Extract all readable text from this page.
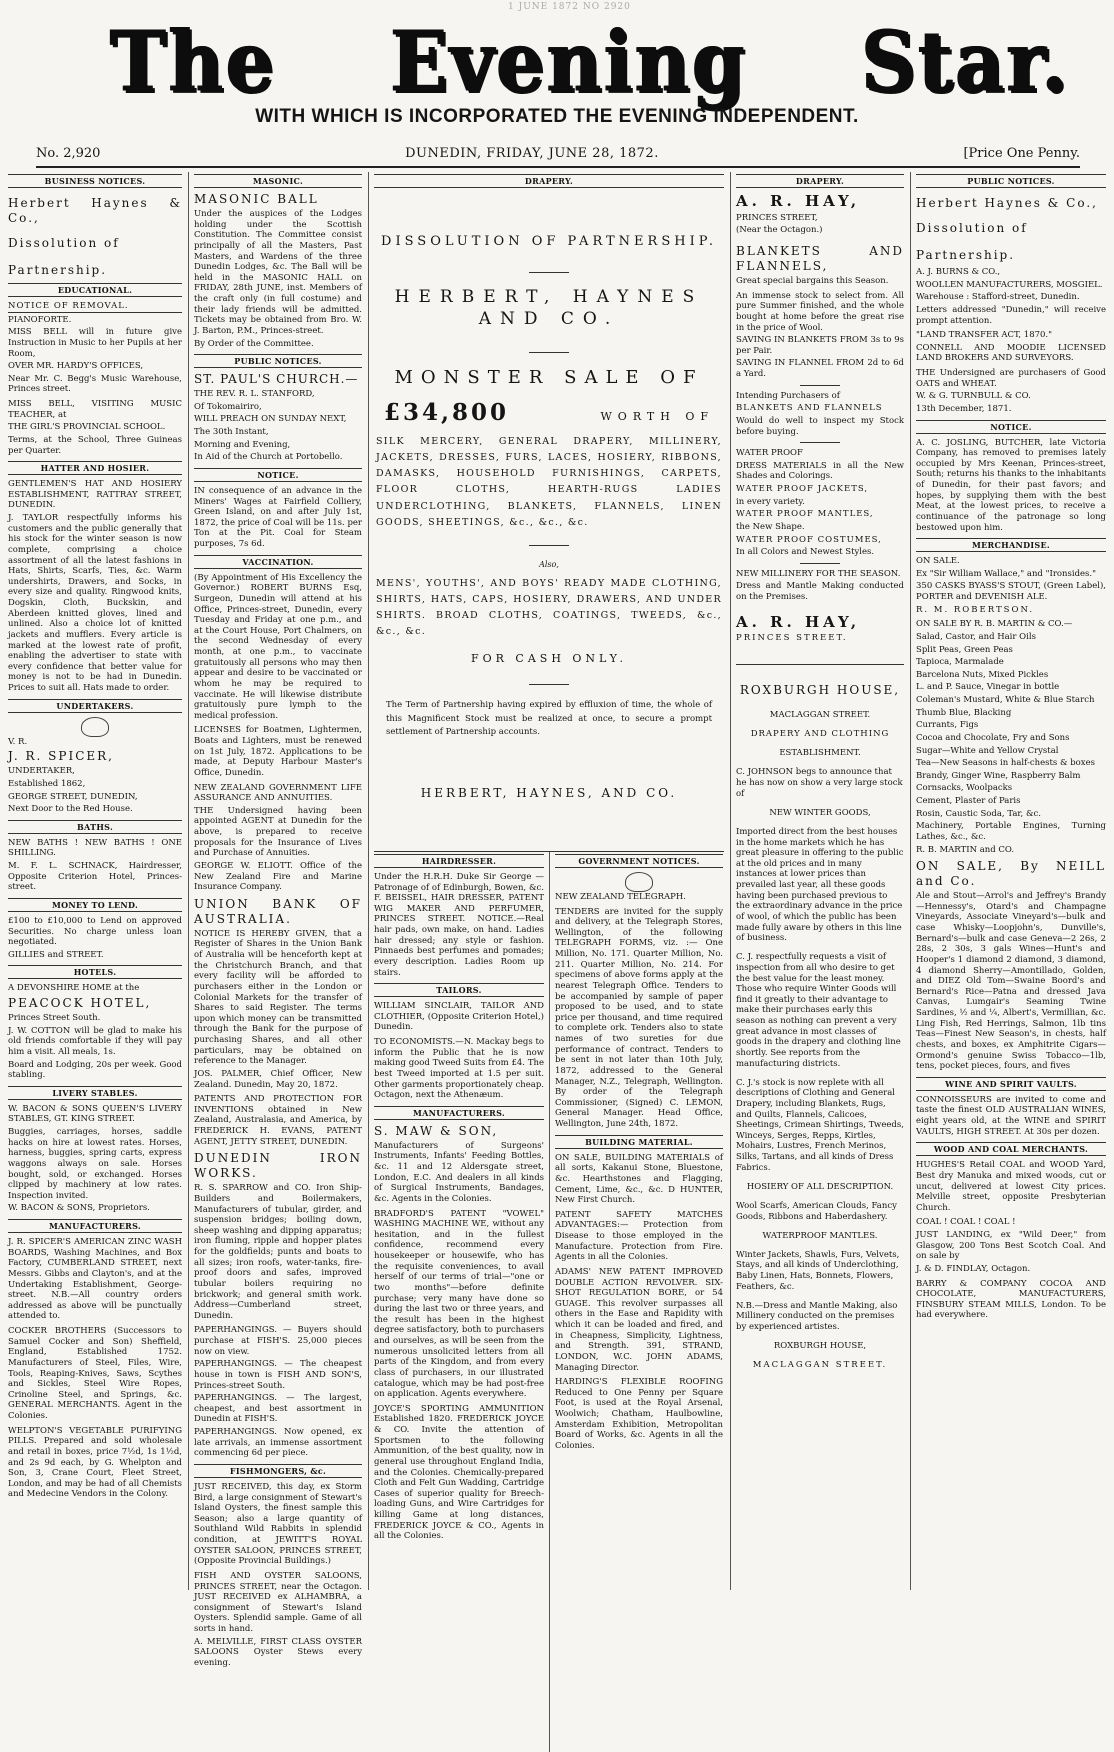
1 JUNE 1872 NO 2920
The Evening Star.
WITH WHICH IS INCORPORATED THE EVENING INDEPENDENT.
No. 2,920	DUNEDIN, FRIDAY, JUNE 28, 1872.	[Price One Penny.
BUSINESS NOTICES.

Herbert Haynes & Co.,

Dissolution of

Partnership.

EDUCATIONAL.

NOTICE OF REMOVAL.

PIANOFORTE.

MISS BELL will in future give Instruction in Music to her Pupils at her Room,

OVER MR. HARDY'S OFFICES,

Near Mr. C. Begg's Music Warehouse, Princes street.

MISS BELL, VISITING MUSIC TEACHER, at

THE GIRL'S PROVINCIAL SCHOOL.

Terms, at the School, Three Guineas per Quarter.

HATTER AND HOSIER.

GENTLEMEN'S HAT AND HOSIERY ESTABLISHMENT, RATTRAY STREET, DUNEDIN.

J. TAYLOR respectfully informs his customers and the public generally that his stock for the winter season is now complete, comprising a choice assortment of all the latest fashions in Hats, Shirts, Scarfs, Ties, &c. Warm undershirts, Drawers, and Socks, in every size and quality. Ringwood knits, Dogskin, Cloth, Buckskin, and Aberdeen knitted gloves, lined and unlined. Also a choice lot of knitted jackets and mufflers. Every article is marked at the lowest rate of profit, enabling the advertiser to state with every confidence that better value for money is not to be had in Dunedin. Prices to suit all. Hats made to order.

UNDERTAKERS.

V. R.

J. R. SPICER,

UNDERTAKER,

Established 1862,

GEORGE STREET, DUNEDIN,

Next Door to the Red House.

BATHS.

NEW BATHS ! NEW BATHS ! ONE SHILLING.

M. F. L. SCHNACK, Hairdresser, Opposite Criterion Hotel, Princes-street.

MONEY TO LEND.

£100 to £10,000 to Lend on approved Securities. No charge unless loan negotiated.

GILLIES and STREET.

HOTELS.

A DEVONSHIRE HOME at the

PEACOCK HOTEL,

Princes Street South.

J. W. COTTON will be glad to make his old friends comfortable if they will pay him a visit. All meals, 1s.

Board and Lodging, 20s per week. Good stabling.

LIVERY STABLES.

W. BACON & SONS QUEEN'S LIVERY STABLES, GT. KING STREET.

Buggies, carriages, horses, saddle hacks on hire at lowest rates. Horses, harness, buggies, spring carts, express waggons always on sale. Horses bought, sold, or exchanged. Horses clipped by machinery at low rates. Inspection invited.

W. BACON & SONS, Proprietors.

MANUFACTURERS.

J. R. SPICER'S AMERICAN ZINC WASH BOARDS, Washing Machines, and Box Factory, CUMBERLAND STREET, next Messrs. Gibbs and Clayton's, and at the Undertaking Establishment, George-street. N.B.—All country orders addressed as above will be punctually attended to.

COCKER BROTHERS (Successors to Samuel Cocker and Son) Sheffield, England, Established 1752. Manufacturers of Steel, Files, Wire, Tools, Reaping-Knives, Saws, Scythes and Sickles, Steel Wire Ropes, Crinoline Steel, and Springs, &c. GENERAL MERCHANTS. Agent in the Colonies.

WELPTON'S VEGETABLE PURIFYING PILLS. Prepared and sold wholesale and retail in boxes, price 7½d, 1s 1½d, and 2s 9d each, by G. Whelpton and Son, 3, Crane Court, Fleet Street, London, and may be had of all Chemists and Medecine Vendors in the Colony.

MASONIC.

MASONIC BALL

Under the auspices of the Lodges holding under the Scottish Constitution. The Committee consist principally of all the Masters, Past Masters, and Wardens of the three Dunedin Lodges, &c. The Ball will be held in the MASONIC HALL on FRIDAY, 28th JUNE, inst. Members of the craft only (in full costume) and their lady friends will be admitted. Tickets may be obtained from Bro. W. J. Barton, P.M., Princes-street.

By Order of the Committee.

PUBLIC NOTICES.

ST. PAUL'S CHURCH.—

THE REV. R. L. STANFORD,

Of Tokomairiro,

WILL PREACH ON SUNDAY NEXT,

The 30th Instant,

Morning and Evening,

In Aid of the Church at Portobello.

NOTICE.

IN consequence of an advance in the Miners' Wages at Fairfield Colliery, Green Island, on and after July 1st, 1872, the price of Coal will be 11s. per Ton at the Pit. Coal for Steam purposes, 7s 6d.

VACCINATION.

(By Appointment of His Excellency the Governor.) ROBERT BURNS Esq, Surgeon, Dunedin will attend at his Office, Princes-street, Dunedin, every Tuesday and Friday at one p.m., and at the Court House, Port Chalmers, on the second Wednesday of every month, at one p.m., to vaccinate gratuitously all persons who may then appear and desire to be vaccinated or whom he may be required to vaccinate. He will likewise distribute gratuitously pure lymph to the medical profession.

LICENSES for Boatmen, Lightermen, Boats and Lighters, must be renewed on 1st July, 1872. Applications to be made, at Deputy Harbour Master's Office, Dunedin.

NEW ZEALAND GOVERNMENT LIFE ASSURANCE AND ANNUITIES.

THE Undersigned having been appointed AGENT at Dunedin for the above, is prepared to receive proposals for the Insurance of Lives and Purchase of Annuities.

GEORGE W. ELIOTT. Office of the New Zealand Fire and Marine Insurance Company.

UNION BANK OF AUSTRALIA.

NOTICE IS HEREBY GIVEN, that a Register of Shares in the Union Bank of Australia will be henceforth kept at the Christchurch Branch, and that every facility will be afforded to purchasers either in the London or Colonial Markets for the transfer of Shares to said Register. The terms upon which money can be transmitted through the Bank for the purpose of purchasing Shares, and all other particulars, may be obtained on reference to the Manager.

JOS. PALMER, Chief Officer, New Zealand. Dunedin, May 20, 1872.

PATENTS AND PROTECTION FOR INVENTIONS obtained in New Zealand, Australasia, and America, by FREDERICK H. EVANS, PATENT AGENT, JETTY STREET, DUNEDIN.

DUNEDIN IRON WORKS.

R. S. SPARROW and CO. Iron Ship-Builders and Boilermakers, Manufacturers of tubular, girder, and suspension bridges; boiling down, sheep washing and dipping apparatus; iron fluming, ripple and hopper plates for the goldfields; punts and boats to all sizes; iron roofs, water-tanks, fire-proof doors and safes, improved tubular boilers requiring no brickwork; and general smith work. Address—Cumberland street, Dunedin.

PAPERHANGINGS. — Buyers should purchase at FISH'S. 25,000 pieces now on view.

PAPERHANGINGS. — The cheapest house in town is FISH AND SON'S, Princes-street South.

PAPERHANGINGS. — The largest, cheapest, and best assortment in Dunedin at FISH'S.

PAPERHANGINGS. Now opened, ex late arrivals, an immense assortment commencing 6d per piece.

FISHMONGERS, &c.

JUST RECEIVED, this day, ex Storm Bird, a large consignment of Stewart's Island Oysters, the finest sample this Season; also a large quantity of Southland Wild Rabbits in splendid condition, at JEWITT'S ROYAL OYSTER SALOON, PRINCES STREET, (Opposite Provincial Buildings.)

FISH AND OYSTER SALOONS, PRINCES STREET, near the Octagon. JUST RECEIVED ex ALHAMBRA, a consignment of Stewart's Island Oysters. Splendid sample. Game of all sorts in hand.

A. MELVILLE, FIRST CLASS OYSTER SALOONS Oyster Stews every evening.

DRAPERY.
DISSOLUTION OF PARTNERSHIP.
HERBERT, HAYNES AND CO.
MONSTER SALE OF
£34,800	WORTH OF
SILK MERCERY, GENERAL DRAPERY, MILLINERY, JACKETS, DRESSES, FURS, LACES, HOSIERY, RIBBONS, DAMASKS, HOUSEHOLD FURNISHINGS, CARPETS, FLOOR CLOTHS, HEARTH-RUGS LADIES UNDERCLOTHING, BLANKETS, FLANNELS, LINEN GOODS, SHEETINGS, &c., &c., &c.
Also,
MENS', YOUTHS', AND BOYS' READY MADE CLOTHING, SHIRTS, HATS, CAPS, HOSIERY, DRAWERS, AND UNDER SHIRTS. BROAD CLOTHS, COATINGS, TWEEDS, &c., &c., &c.
FOR CASH ONLY.
The Term of Partnership having expired by effluxion of time, the whole of this Magnificent Stock must be realized at once, to secure a prompt settlement of Partnership accounts.
HERBERT, HAYNES, AND CO.
HAIRDRESSER.

Under the H.R.H. Duke Sir George — Patronage of of Edinburgh, Bowen, &c. F. BEISSEL, HAIR DRESSER, PATENT WIG MAKER AND PERFUMER, PRINCES STREET. NOTICE.—Real hair pads, own make, on hand. Ladies hair dressed; any style or fashion. Pinnaeds best perfumes and pomades; every description. Ladies Room up stairs.

TAILORS.

WILLIAM SINCLAIR, TAILOR AND CLOTHIER, (Opposite Criterion Hotel,) Dunedin.

TO ECONOMISTS.—N. Mackay begs to inform the Public that he is now making good Tweed Suits from £4. The best Tweed imported at 1.5 per suit. Other garments proportionately cheap. Octagon, next the Athenæum.

MANUFACTURERS.

S. MAW & SON,

Manufacturers of Surgeons' Instruments, Infants' Feeding Bottles, &c. 11 and 12 Aldersgate street, London, E.C. And dealers in all kinds of Surgical Instruments, Bandages, &c. Agents in the Colonies.

BRADFORD'S PATENT "VOWEL" WASHING MACHINE WE, without any hesitation, and in the fullest confidence, recommend every housekeeper or housewife, who has the requisite conveniences, to avail herself of our terms of trial—"one or two months"—before definite purchase; very many have done so during the last two or three years, and the result has been in the highest degree satisfactory, both to purchasers and ourselves, as will be seen from the numerous unsolicited letters from all parts of the Kingdom, and from every class of purchasers, in our illustrated catalogue, which may be had post-free on application. Agents everywhere.

JOYCE'S SPORTING AMMUNITION Established 1820. FREDERICK JOYCE & CO. Invite the attention of Sportsmen to the following Ammunition, of the best quality, now in general use throughout England India, and the Colonies. Chemically-prepared Cloth and Felt Gun Wadding, Cartridge Cases of superior quality for Breech-loading Guns, and Wire Cartridges for killing Game at long distances, FREDERICK JOYCE & CO., Agents in all the Colonies.

GOVERNMENT NOTICES.

NEW ZEALAND TELEGRAPH.

TENDERS are invited for the supply and delivery, at the Telegraph Stores, Wellington, of the following TELEGRAPH FORMS, viz. :— One Million, No. 171. Quarter Million, No. 211. Quarter Million, No. 214. For specimens of above forms apply at the nearest Telegraph Office. Tenders to be accompanied by sample of paper proposed to be used, and to state price per thousand, and time required to complete ork. Tenders also to state names of two sureties for due performance of contract. Tenders to be sent in not later than 10th July, 1872, addressed to the General Manager, N.Z., Telegraph, Wellington. By order of the Telegraph Commissioner, (Signed) C. LEMON, General Manager. Head Office, Wellington, June 24th, 1872.

BUILDING MATERIAL.

ON SALE, BUILDING MATERIALS of all sorts, Kakanui Stone, Bluestone, &c. Hearthstones and Flagging, Cement, Lime, &c., &c. D HUNTER, New First Church.

PATENT SAFETY MATCHES ADVANTAGES:— Protection from Disease to those employed in the Manufacture. Protection from Fire. Agents in all the Colonies.

ADAMS' NEW PATENT IMPROVED DOUBLE ACTION REVOLVER. SIX-SHOT REGULATION BORE, or 54 GUAGE. This revolver surpasses all others in the Ease and Rapidity with which it can be loaded and fired, and in Cheapness, Simplicity, Lightness, and Strength. 391, STRAND, LONDON, W.C. JOHN ADAMS, Managing Director.

HARDING'S FLEXIBLE ROOFING Reduced to One Penny per Square Foot, is used at the Royal Arsenal, Woolwich; Chatham, Haulbowline, Amsterdam Exhibition, Metropolitan Board of Works, &c. Agents in all the Colonies.

DRAPERY.

A. R. HAY,

PRINCES STREET,

(Near the Octagon.)

BLANKETS AND FLANNELS,

Great special bargains this Season.

An immense stock to select from. All pure Summer finished, and the whole bought at home before the great rise in the price of Wool.

SAVING IN BLANKETS FROM 3s to 9s per Pair.

SAVING IN FLANNEL FROM 2d to 6d a Yard.

Intending Purchasers of

BLANKETS AND FLANNELS

Would do well to inspect my Stock before buying.

WATER PROOF

DRESS MATERIALS in all the New Shades and Colorings.

WATER PROOF JACKETS,

in every variety.

WATER PROOF MANTLES,

the New Shape.

WATER PROOF COSTUMES,

In all Colors and Newest Styles.

NEW MILLINERY FOR THE SEASON.

Dress and Mantle Making conducted on the Premises.

A. R. HAY,

PRINCES STREET.

ROXBURGH HOUSE,

MACLAGGAN STREET.

DRAPERY AND CLOTHING

ESTABLISHMENT.

C. JOHNSON begs to announce that he has now on show a very large stock of

NEW WINTER GOODS,

Imported direct from the best houses in the home markets which he has great pleasure in offering to the public at the old prices and in many instances at lower prices than prevailed last year, all these goods having been purchased previous to the extraordinary advance in the price of wool, of which the public has been made fully aware by others in this line of business.

C. J. respectfully requests a visit of inspection from all who desire to get the best value for the least money. Those who require Winter Goods will find it greatly to their advantage to make their purchases early this season as nothing can prevent a very great advance in most classes of goods in the drapery and clothing line shortly. See reports from the manufacturing districts.

C. J.'s stock is now replete with all descriptions of Clothing and General Drapery, including Blankets, Rugs, and Quilts, Flannels, Calicoes, Sheetings, Crimean Shirtings, Tweeds, Winceys, Serges, Repps, Kirtles, Mohairs, Lustres, French Merinos, Silks, Tartans, and all kinds of Dress Fabrics.

HOSIERY OF ALL DESCRIPTION.

Wool Scarfs, American Clouds, Fancy Goods, Ribbons and Haberdashery.

WATERPROOF MANTLES.

Winter Jackets, Shawls, Furs, Velvets, Stays, and all kinds of Underclothing, Baby Linen, Hats, Bonnets, Flowers, Feathers, &c.

N.B.—Dress and Mantle Making, also Millinery conducted on the premises by experienced artistes.

ROXBURGH HOUSE,

MACLAGGAN STREET.

PUBLIC NOTICES.

Herbert Haynes & Co.,

Dissolution of

Partnership.

A. J. BURNS & CO.,

WOOLLEN MANUFACTURERS, MOSGIEL.

Warehouse : Stafford-street, Dunedin.

Letters addressed "Dunedin," will receive prompt attention.

"LAND TRANSFER ACT, 1870."

CONNELL AND MOODIE LICENSED LAND BROKERS AND SURVEYORS.

THE Undersigned are purchasers of Good OATS and WHEAT.

W. & G. TURNBULL & CO.

13th December, 1871.

NOTICE.

A. C. JOSLING, BUTCHER, late Victoria Company, has removed to premises lately occupied by Mrs Keenan, Princes-street, South; returns his thanks to the inhabitants of Dunedin, for their past favors; and hopes, by supplying them with the best Meat, at the lowest prices, to receive a continuance of the patronage so long bestowed upon him.

MERCHANDISE.

ON SALE.

Ex "Sir William Wallace," and "Ironsides."

350 CASKS BYASS'S STOUT, (Green Label), PORTER and DEVENISH ALE.

R. M. ROBERTSON.

ON SALE BY R. B. MARTIN & CO.—

Salad, Castor, and Hair Oils

Split Peas, Green Peas

Tapioca, Marmalade

Barcelona Nuts, Mixed Pickles

L. and P. Sauce, Vinegar in bottle

Coleman's Mustard, White & Blue Starch

Thumb Blue, Blacking

Currants, Figs

Cocoa and Chocolate, Fry and Sons

Sugar—White and Yellow Crystal

Tea—New Seasons in half-chests & boxes

Brandy, Ginger Wine, Raspberry Balm

Cornsacks, Woolpacks

Cement, Plaster of Paris

Rosin, Caustic Soda, Tar, &c.

Machinery, Portable Engines, Turning Lathes, &c., &c.

R. B. MARTIN and CO.

ON SALE, By NEILL and Co.

Ale and Stout—Arrol's and Jeffrey's Brandy—Hennessy's, Otard's and Champagne Vineyards, Associate Vineyard's—bulk and case Whisky—Loopjohn's, Dunville's, Bernard's—bulk and case Geneva—2 26s, 2 28s, 2 30s, 3 gals Wines—Hunt's and Hooper's 1 diamond 2 diamond, 3 diamond, 4 diamond Sherry—Amontillado, Golden, and DIEZ Old Tom—Swaine Boord's and Bernard's Rice—Patna and dressed Java Canvas, Lumgair's Seaming Twine Sardines, ½ and ¼, Albert's, Vermillian, &c. Ling Fish, Red Herrings, Salmon, 1lb tins Teas—Finest New Season's, in chests, half chests, and boxes, ex Amphitrite Cigars—Ormond's genuine Swiss Tobacco—1lb, tens, pocket pieces, fours, and fives

WINE AND SPIRIT VAULTS.

CONNOISSEURS are invited to come and taste the finest OLD AUSTRALIAN WINES, eight years old, at the WINE and SPIRIT VAULTS, HIGH STREET. At 30s per dozen.

WOOD AND COAL MERCHANTS.

HUGHES'S Retail COAL and WOOD Yard, Best dry Manuka and mixed woods, cut or uncut, delivered at lowest City prices. Melville street, opposite Presbyterian Church.

COAL ! COAL ! COAL !

JUST LANDING, ex "Wild Deer," from Glasgow, 200 Tons Best Scotch Coal. And on sale by

J. & D. FINDLAY, Octagon.

BARRY & COMPANY COCOA AND CHOCOLATE, MANUFACTURERS, FINSBURY STEAM MILLS, London. To be had everywhere.
